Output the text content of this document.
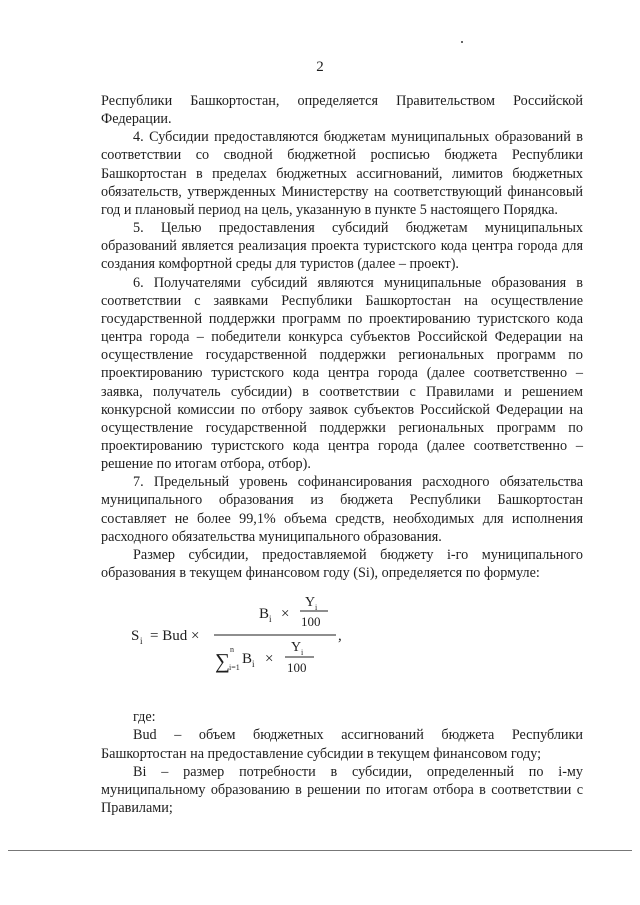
2

Республики Башкортостан, определяется Правительством Российской Федерации.

4. Субсидии предоставляются бюджетам муниципальных образований в соответствии со сводной бюджетной росписью бюджета Республики Башкортостан в пределах бюджетных ассигнований, лимитов бюджетных обязательств, утвержденных Министерству на соответствующий финансовый год и плановый период на цель, указанную в пункте 5 настоящего Порядка.

5. Целью предоставления субсидий бюджетам муниципальных образований является реализация проекта туристского кода центра города для создания комфортной среды для туристов (далее – проект).

6. Получателями субсидий являются муниципальные образования в соответствии с заявками Республики Башкортостан на осуществление государственной поддержки программ по проектированию туристского кода центра города – победители конкурса субъектов Российской Федерации на осуществление государственной поддержки региональных программ по проектированию туристского кода центра города (далее соответственно – заявка, получатель субсидии) в соответствии с Правилами и решением конкурсной комиссии по отбору заявок субъектов Российской Федерации на осуществление государственной поддержки региональных программ по проектированию туристского кода центра города (далее соответственно – решение по итогам отбора, отбор).

7. Предельный уровень софинансирования расходного обязательства муниципального образования из бюджета Республики Башкортостан составляет не более 99,1% объема средств, необходимых для исполнения расходного обязательства муниципального образования.

Размер субсидии, предоставляемой бюджету i-го муниципального образования в текущем финансовом году (Si), определяется по формуле:

S i = Bud ×
B i ×
Y i
100
,
∑ n
i=1
B i ×
Y i
100

где:

Bud – объем бюджетных ассигнований бюджета Республики Башкортостан на предоставление субсидии в текущем финансовом году;

Bi – размер потребности в субсидии, определенный по i-му муниципальному образованию в решении по итогам отбора в соответствии с Правилами;
